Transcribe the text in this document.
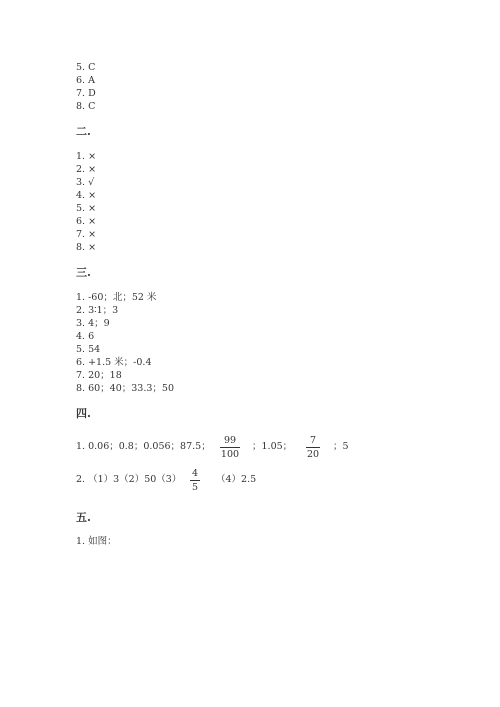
5. C
6. A
7. D
8. C
二.
1. ×
2. ×
3. √
4. ×
5. ×
6. ×
7. ×
8. ×
三.
1. -60；北；52 米
2. 3∶1；3
3. 4；9
4. 6
5. 54
6. +1.5 米；-0.4
7. 20；18
8. 60；40；33.3；50
四.
1. 0.06；0.8；0.056；87.5；
99
100
；1.05；
7
20
；5
2. （1）3（2）50（3）
4
5
（4）2.5
五.
1. 如图：
